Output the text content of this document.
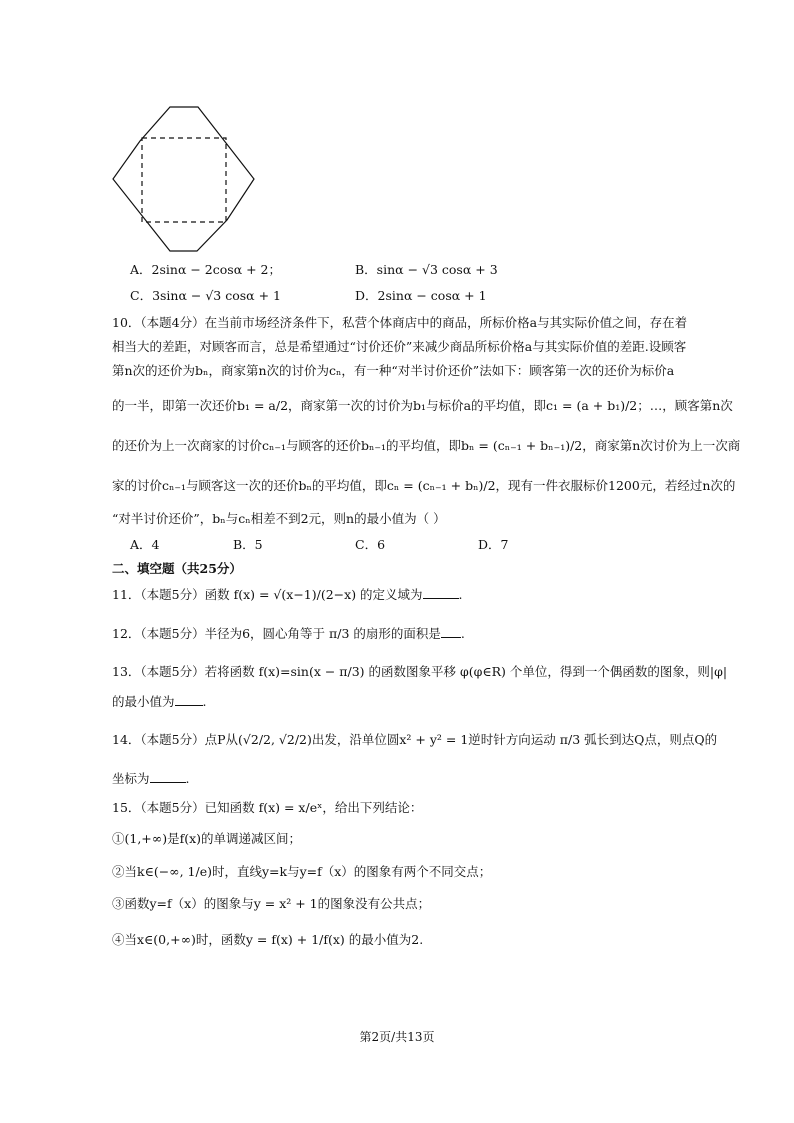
A．2sinα − 2cosα + 2；	B．sinα − √3 cosα + 3
C．3sinα − √3 cosα + 1	D．2sinα − cosα + 1
10．（本题4分）在当前市场经济条件下，私营个体商店中的商品，所标价格a与其实际价值之间，存在着
相当大的差距，对顾客而言，总是希望通过“讨价还价”来减少商品所标价格a与其实际价值的差距.设顾客
第n次的还价为bₙ，商家第n次的讨价为cₙ，有一种“对半讨价还价”法如下：顾客第一次的还价为标价a
的一半，即第一次还价b₁ = a/2，商家第一次的讨价为b₁与标价a的平均值，即c₁ = (a + b₁)/2；…，顾客第n次
的还价为上一次商家的讨价cₙ₋₁与顾客的还价bₙ₋₁的平均值，即bₙ = (cₙ₋₁ + bₙ₋₁)/2，商家第n次讨价为上一次商
家的讨价cₙ₋₁与顾客这一次的还价bₙ的平均值，即cₙ = (cₙ₋₁ + bₙ)/2，现有一件衣服标价1200元，若经过n次的
“对半讨价还价”，bₙ与cₙ相差不到2元，则n的最小值为（ ）
A．4	B．5	C．6	D．7
二、填空题（共25分）
11．（本题5分）函数 f(x) = √(x−1)/(2−x) 的定义域为	.
12．（本题5分）半径为6，圆心角等于 π/3 的扇形的面积是 .
13．（本题5分）若将函数 f(x)=sin(x − π/3) 的函数图象平移 φ(φ∈R) 个单位，得到一个偶函数的图象，则|φ|
的最小值为 .
14．（本题5分）点P从(√2/2, √2/2)出发，沿单位圆x² + y² = 1逆时针方向运动 π/3 弧长到达Q点，则点Q的
坐标为	.
15．（本题5分）已知函数 f(x) = x/eˣ，给出下列结论：
①(1,+∞)是f(x)的单调递减区间；
②当k∈(−∞, 1/e)时，直线y=k与y=f（x）的图象有两个不同交点；
③函数y=f（x）的图象与y = x² + 1的图象没有公共点；
④当x∈(0,+∞)时，函数y = f(x) + 1/f(x) 的最小值为2.
第2页/共13页
